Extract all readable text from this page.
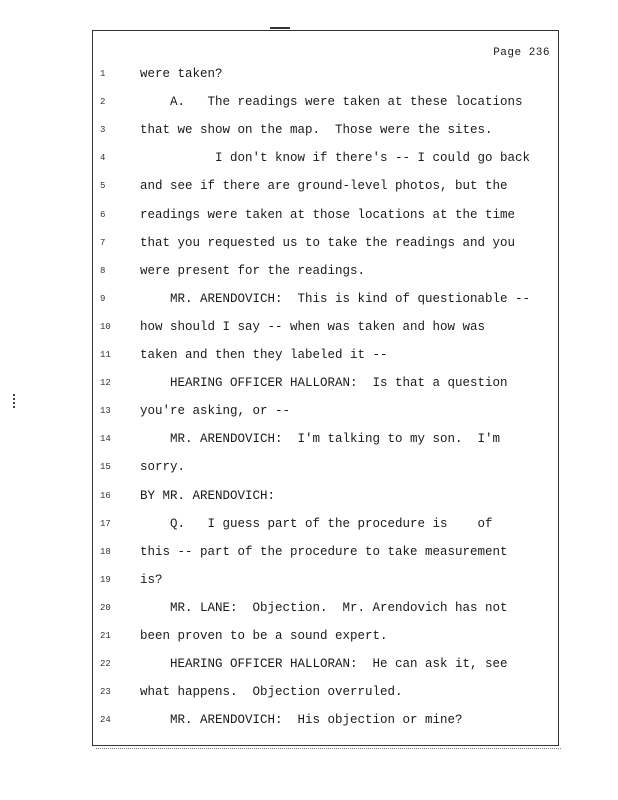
Page 236
1	were taken?
2	A.   The readings were taken at these locations
3	that we show on the map.  Those were the sites.
4	I don't know if there's -- I could go back
5	and see if there are ground-level photos, but the
6	readings were taken at those locations at the time
7	that you requested us to take the readings and you
8	were present for the readings.
9	MR. ARENDOVICH:  This is kind of questionable --
10	how should I say -- when was taken and how was
11	taken and then they labeled it --
12	HEARING OFFICER HALLORAN:  Is that a question
13	you're asking, or --
14	MR. ARENDOVICH:  I'm talking to my son.  I'm
15	sorry.
16	BY MR. ARENDOVICH:
17	Q.   I guess part of the procedure is    of
18	this -- part of the procedure to take measurement
19	is?
20	MR. LANE:  Objection.  Mr. Arendovich has not
21	been proven to be a sound expert.
22	HEARING OFFICER HALLORAN:  He can ask it, see
23	what happens.  Objection overruled.
24	MR. ARENDOVICH:  His objection or mine?
